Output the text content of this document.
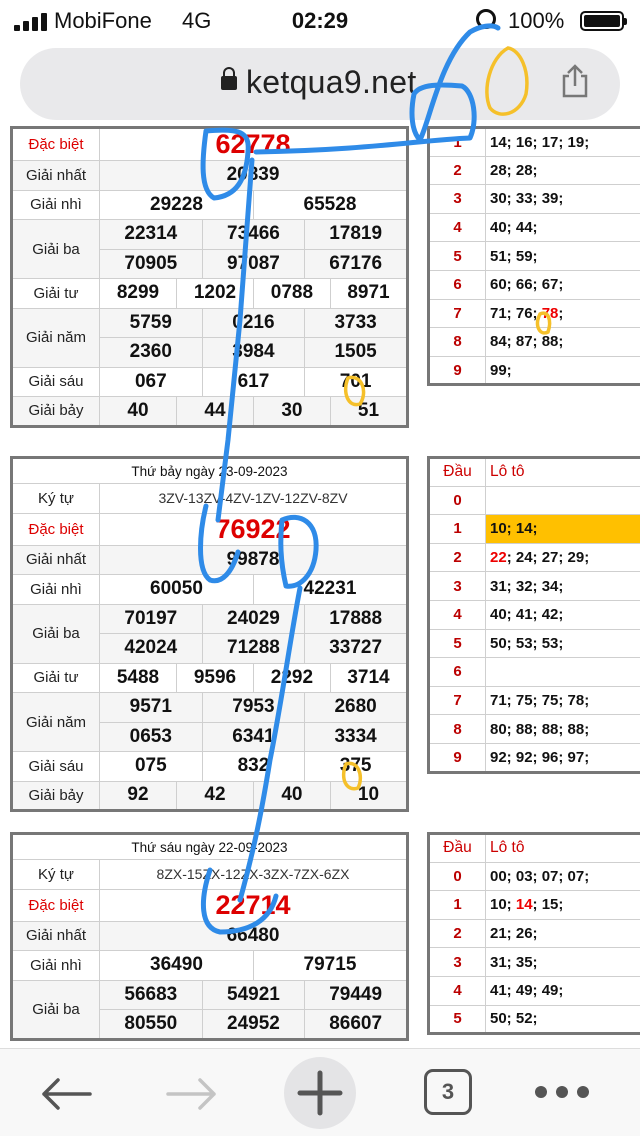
MobiFone 4G	02:29	100%
ketqua9.net
Đặc biệt	62778					
Giải nhất	20839					
Giải nhì	29228			65528		
Giải ba	22314		73466		17819	
	70905		97087		67176	
Giải tư	8299	1202		0788		8971
Giải năm	5759		0216		3733	
	2360		3984		1505	
Giải sáu	067		617		701	
Giải bảy	40	44		30		51
1	14; 16; 17; 19;
2	28; 28;
3	30; 33; 39;
4	40; 44;
5	51; 59;
6	60; 66; 67;
7	71; 76; 78;
8	84; 87; 88;
9	99;
Thứ bảy ngày 23-09-2023						
Ký tự	3ZV-13ZV-4ZV-1ZV-12ZV-8ZV					
Đặc biệt	76922					
Giải nhất	99878					
Giải nhì	60050			42231		
Giải ba	70197		24029		17888	
	42024		71288		33727	
Giải tư	5488	9596		2292		3714
Giải năm	9571		7953		2680	
	0653		6341		3334	
Giải sáu	075		832		375	
Giải bảy	92	42		40		10
Đầu	Lô tô
0	
1	10; 14;
2	22; 24; 27; 29;
3	31; 32; 34;
4	40; 41; 42;
5	50; 53; 53;
6	
7	71; 75; 75; 78;
8	80; 88; 88; 88;
9	92; 92; 96; 97;
Thứ sáu ngày 22-09-2023				
Ký tự	8ZX-15ZX-12ZX-3ZX-7ZX-6ZX			
Đặc biệt	22714			
Giải nhất	66480			
Giải nhì	36490		79715	
Giải ba	56683	54921		79449
	80550	24952		86607
Đầu	Lô tô
0	00; 03; 07; 07;
1	10; 14; 15;
2	21; 26;
3	31; 35;
4	41; 49; 49;
5	50; 52;
3
